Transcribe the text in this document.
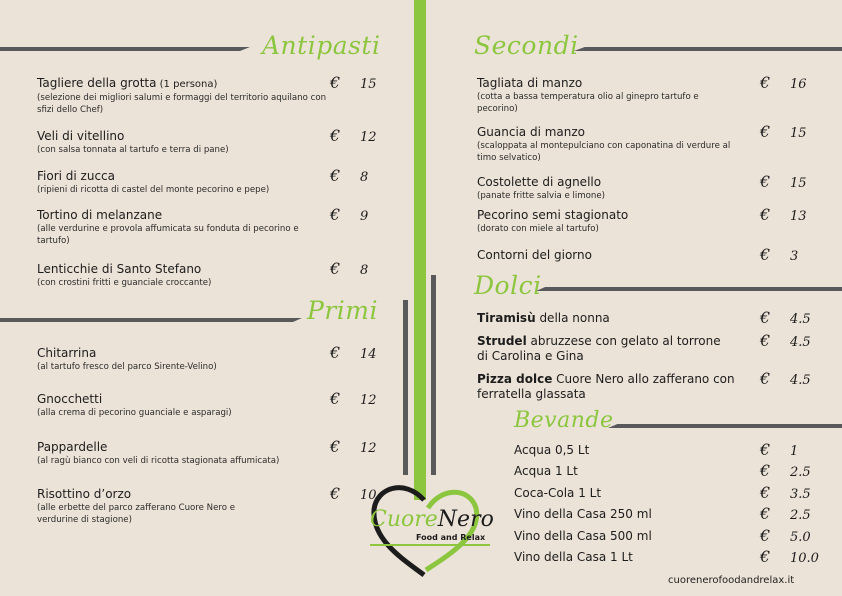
Antipasti	Secondi
Primi
Dolci
Bevande
Tagliere della grotta (1 persona)
(selezione dei migliori salumi e formaggi del territorio aquilano con sfizi dello Chef)
€ 15
Veli di vitellino
(con salsa tonnata al tartufo e terra di pane)
€ 12
Fiori di zucca
(ripieni di ricotta di castel del monte pecorino e pepe)
€ 8
Tortino di melanzane
(alle verdurine e provola affumicata su fonduta di pecorino e tartufo)
€ 9
Lenticchie di Santo Stefano
(con crostini fritti e guanciale croccante)
€ 8
Chitarrina
(al tartufo fresco del parco Sirente-Velino)
€ 14
Gnocchetti
(alla crema di pecorino guanciale e asparagi)
€ 12
Pappardelle
(al ragù bianco con veli di ricotta stagionata affumicata)
€ 12
Risottino d’orzo
(alle erbette del parco zafferano Cuore Nero e verdurine di stagione)
€ 10
Tagliata di manzo
(cotta a bassa temperatura olio al ginepro tartufo e pecorino)
€ 16
Guancia di manzo
(scaloppata al montepulciano con caponatina di verdure al timo selvatico)
€ 15
Costolette di agnello
(panate fritte salvia e limone)
€ 15
Pecorino semi stagionato
(dorato con miele al tartufo)
€ 13
Contorni del giorno	€ 3
Tiramisù della nonna	€ 4.5
Strudel abruzzese con gelato al torrone
di Carolina e Gina
€ 4.5
Pizza dolce Cuore Nero allo zafferano con
ferratella glassata
€ 4.5
Acqua 0,5 Lt	€ 1
Acqua 1 Lt	€ 2.5
Coca-Cola 1 Lt	€ 3.5
Vino della Casa 250 ml	€ 2.5
Vino della Casa 500 ml	€ 5.0
Vino della Casa 1 Lt	€ 10.0
CuoreNero
Food and Relax
cuorenerofoodandrelax.it
